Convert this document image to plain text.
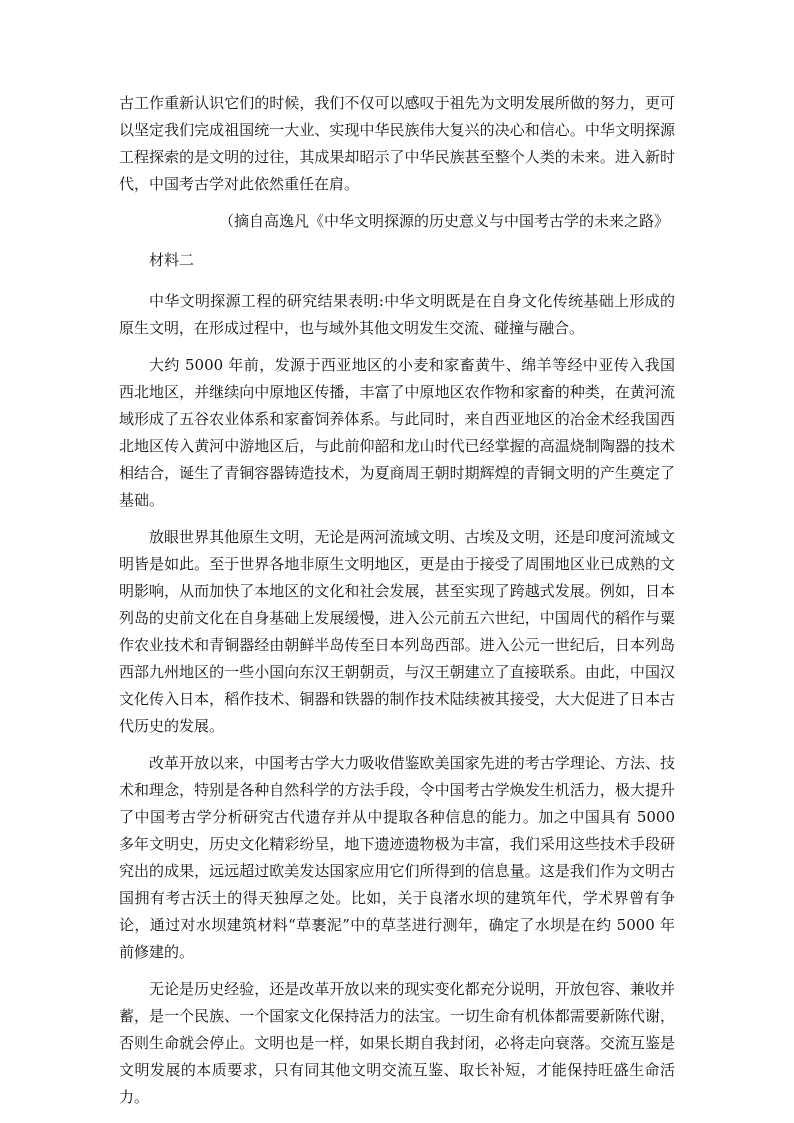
古工作重新认识它们的时候，我们不仅可以感叹于祖先为文明发展所做的努力，更可以坚定我们完成祖国统一大业、实现中华民族伟大复兴的决心和信心。中华文明探源工程探索的是文明的过往，其成果却昭示了中华民族甚至整个人类的未来。进入新时代，中国考古学对此依然重任在肩。

（摘自高逸凡《中华文明探源的历史意义与中国考古学的未来之路》
材料二

中华文明探源工程的研究结果表明:中华文明既是在自身文化传统基础上形成的原生文明，在形成过程中，也与域外其他文明发生交流、碰撞与融合。

大约 5000 年前，发源于西亚地区的小麦和家畜黄牛、绵羊等经中亚传入我国西北地区，并继续向中原地区传播，丰富了中原地区农作物和家畜的种类，在黄河流域形成了五谷农业体系和家畜饲养体系。与此同时，来自西亚地区的冶金术经我国西北地区传入黄河中游地区后，与此前仰韶和龙山时代已经掌握的高温烧制陶器的技术相结合，诞生了青铜容器铸造技术，为夏商周王朝时期辉煌的青铜文明的产生奠定了基础。

放眼世界其他原生文明，无论是两河流域文明、古埃及文明，还是印度河流域文明皆是如此。至于世界各地非原生文明地区，更是由于接受了周围地区业已成熟的文明影响，从而加快了本地区的文化和社会发展，甚至实现了跨越式发展。例如，日本列岛的史前文化在自身基础上发展缓慢，进入公元前五六世纪，中国周代的稻作与粟作农业技术和青铜器经由朝鲜半岛传至日本列岛西部。进入公元一世纪后，日本列岛西部九州地区的一些小国向东汉王朝朝贡，与汉王朝建立了直接联系。由此，中国汉文化传入日本，稻作技术、铜器和铁器的制作技术陆续被其接受，大大促进了日本古代历史的发展。

改革开放以来，中国考古学大力吸收借鉴欧美国家先进的考古学理论、方法、技术和理念，特别是各种自然科学的方法手段，令中国考古学焕发生机活力，极大提升了中国考古学分析研究古代遗存并从中提取各种信息的能力。加之中国具有 5000 多年文明史，历史文化精彩纷呈，地下遗迹遗物极为丰富，我们采用这些技术手段研究出的成果，远远超过欧美发达国家应用它们所得到的信息量。这是我们作为文明古国拥有考古沃土的得天独厚之处。比如，关于良渚水坝的建筑年代，学术界曾有争论，通过对水坝建筑材料“草裹泥”中的草茎进行测年，确定了水坝是在约 5000 年前修建的。

无论是历史经验，还是改革开放以来的现实变化都充分说明，开放包容、兼收并蓄，是一个民族、一个国家文化保持活力的法宝。一切生命有机体都需要新陈代谢，否则生命就会停止。文明也是一样，如果长期自我封闭，必将走向衰落。交流互鉴是文明发展的本质要求，只有同其他文明交流互鉴、取长补短，才能保持旺盛生命活力。
